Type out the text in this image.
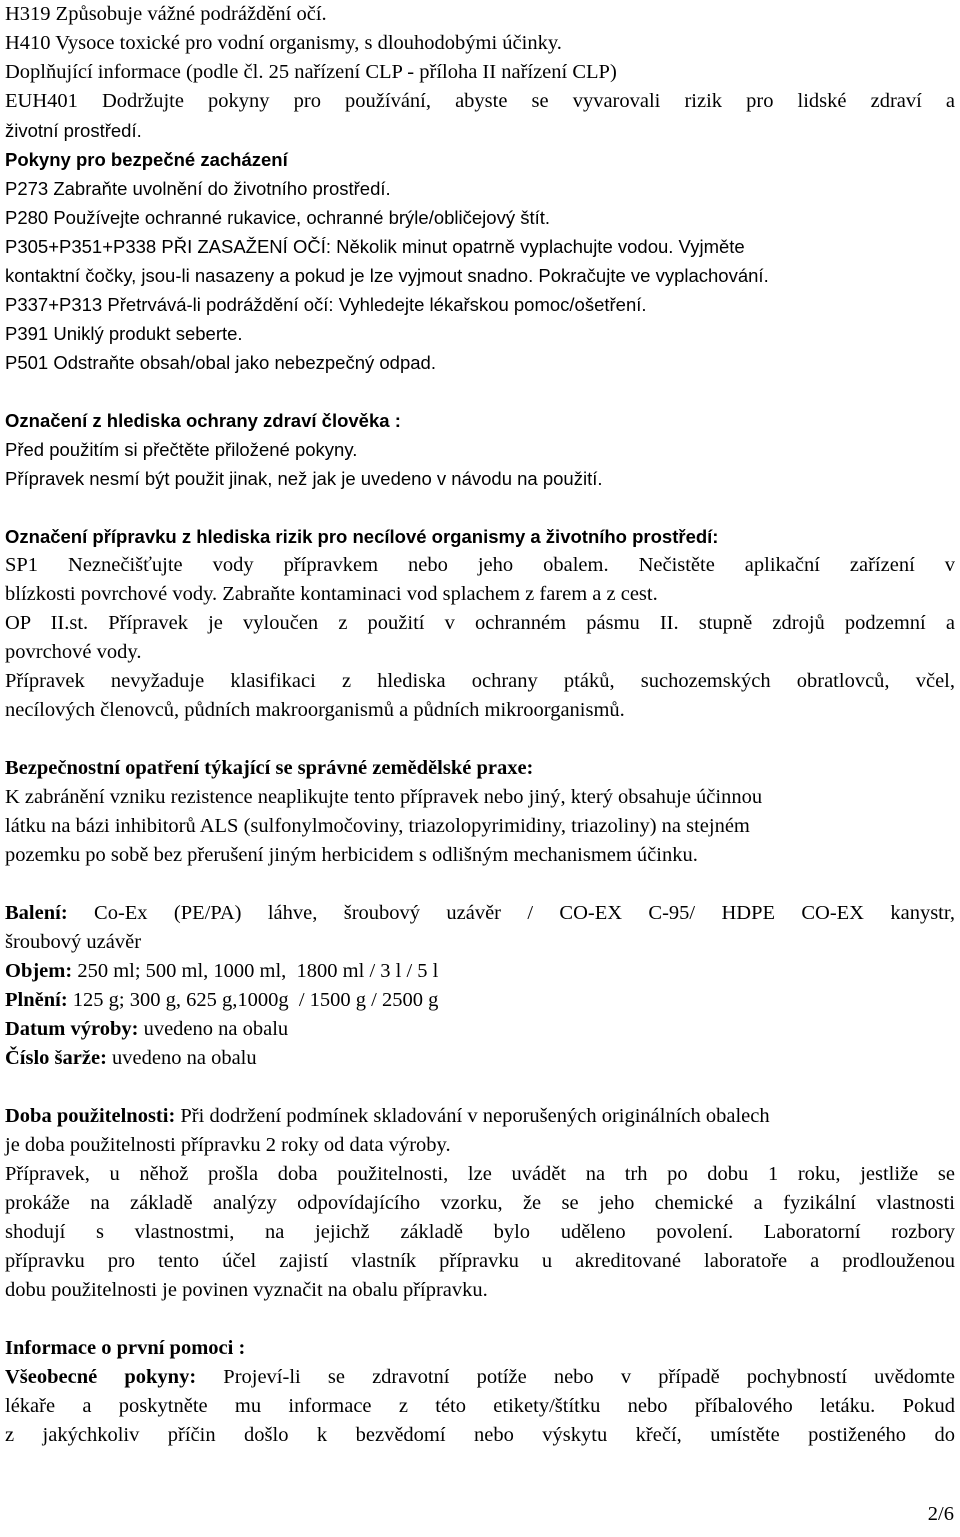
H319 Způsobuje vážné podráždění očí.
H410 Vysoce toxické pro vodní organismy, s dlouhodobými účinky.
Doplňující informace (podle čl. 25 nařízení CLP - příloha II nařízení CLP)
EUH401 Dodržujte pokyny pro používání, abyste se vyvarovali rizik pro lidské zdraví a
životní prostředí.
Pokyny pro bezpečné zacházení
P273 Zabraňte uvolnění do životního prostředí.
P280 Používejte ochranné rukavice, ochranné brýle/obličejový štít.
P305+P351+P338 PŘI ZASAŽENÍ OČÍ: Několik minut opatrně vyplachujte vodou. Vyjměte
kontaktní čočky, jsou-li nasazeny a pokud je lze vyjmout snadno. Pokračujte ve vyplachování.
P337+P313 Přetrvává-li podráždění očí: Vyhledejte lékařskou pomoc/ošetření.
P391 Uniklý produkt seberte.
P501 Odstraňte obsah/obal jako nebezpečný odpad.
Označení z hlediska ochrany zdraví člověka :
Před použitím si přečtěte přiložené pokyny.
Přípravek nesmí být použit jinak, než jak je uvedeno v návodu na použití.
Označení přípravku z hlediska rizik pro necílové organismy a životního prostředí:
SP1 Neznečišťujte vody přípravkem nebo jeho obalem. Nečistěte aplikační zařízení v
blízkosti povrchové vody. Zabraňte kontaminaci vod splachem z farem a z cest.
OP II.st. Přípravek je vyloučen z použití v ochranném pásmu II. stupně zdrojů podzemní a
povrchové vody.
Přípravek nevyžaduje klasifikaci z hlediska ochrany ptáků, suchozemských obratlovců, včel,
necílových členovců, půdních makroorganismů a půdních mikroorganismů.
Bezpečnostní opatření týkající se správné zemědělské praxe:
K zabránění vzniku rezistence neaplikujte tento přípravek nebo jiný, který obsahuje účinnou
látku na bázi inhibitorů ALS (sulfonylmočoviny, triazolopyrimidiny, triazoliny) na stejném
pozemku po sobě bez přerušení jiným herbicidem s odlišným mechanismem účinku.
Balení: Co-Ex (PE/PA) láhve, šroubový uzávěr / CO-EX C-95/ HDPE CO-EX kanystr,
šroubový uzávěr
Objem: 250 ml; 500 ml, 1000 ml,  1800 ml / 3 l / 5 l
Plnění: 125 g; 300 g, 625 g,1000g  / 1500 g / 2500 g
Datum výroby: uvedeno na obalu
Číslo šarže: uvedeno na obalu
Doba použitelnosti: Při dodržení podmínek skladování v neporušených originálních obalech
je doba použitelnosti přípravku 2 roky od data výroby.
Přípravek, u něhož prošla doba použitelnosti, lze uvádět na trh po dobu 1 roku, jestliže se
prokáže na základě analýzy odpovídajícího vzorku, že se jeho chemické a fyzikální vlastnosti
shodují s vlastnostmi, na jejichž základě bylo uděleno povolení. Laboratorní rozbory
přípravku pro tento účel zajistí vlastník přípravku u akreditované laboratoře a prodlouženou
dobu použitelnosti je povinen vyznačit na obalu přípravku.
Informace o první pomoci :
Všeobecné pokyny: Projeví-li se zdravotní potíže nebo v případě pochybností uvědomte
lékaře a poskytněte mu informace z této etikety/štítku nebo příbalového letáku. Pokud
z jakýchkoliv příčin došlo k bezvědomí nebo výskytu křečí, umístěte postiženého do
2/6
